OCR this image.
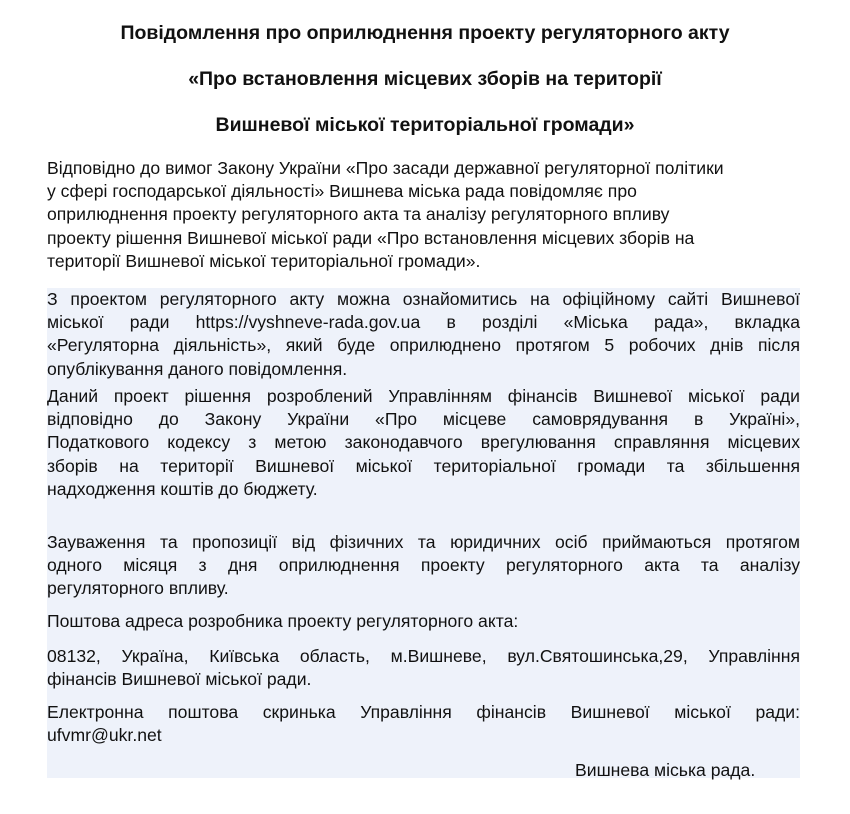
Повідомлення про оприлюднення проекту регуляторного акту
«Про встановлення місцевих зборів на території
Вишневої міської територіальної громади»
Відповідно до вимог Закону України «Про засади державної регуляторної політики
у сфері господарської діяльності» Вишнева міська рада повідомляє про
оприлюднення проекту регуляторного акта та аналізу регуляторного впливу
проекту рішення Вишневої міської ради «Про встановлення місцевих зборів на
території Вишневої міської територіальної громади».
З проектом регуляторного акту можна ознайомитись на офіційному сайті Вишневої
міської ради https://vyshneve-rada.gov.ua в розділі «Міська рада», вкладка
«Регуляторна діяльність», який буде оприлюднено протягом 5 робочих днів після
опублікування даного повідомлення.
Даний проект рішення розроблений Управлінням фінансів Вишневої міської ради
відповідно до Закону України «Про місцеве самоврядування в Україні»,
Податкового кодексу з метою законодавчого врегулювання справляння місцевих
зборів на території Вишневої міської територіальної громади та збільшення
надходження коштів до бюджету.
Зауваження та пропозиції від фізичних та юридичних осіб приймаються протягом
одного місяця з дня оприлюднення проекту регуляторного акта та аналізу
регуляторного впливу.
Поштова адреса розробника проекту регуляторного акта:
08132, Україна, Київська область, м.Вишневе, вул.Святошинська,29, Управління
фінансів Вишневої міської ради.
Електронна поштова скринька Управління фінансів Вишневої міської ради:
ufvmr@ukr.net
Вишнева міська рада.
